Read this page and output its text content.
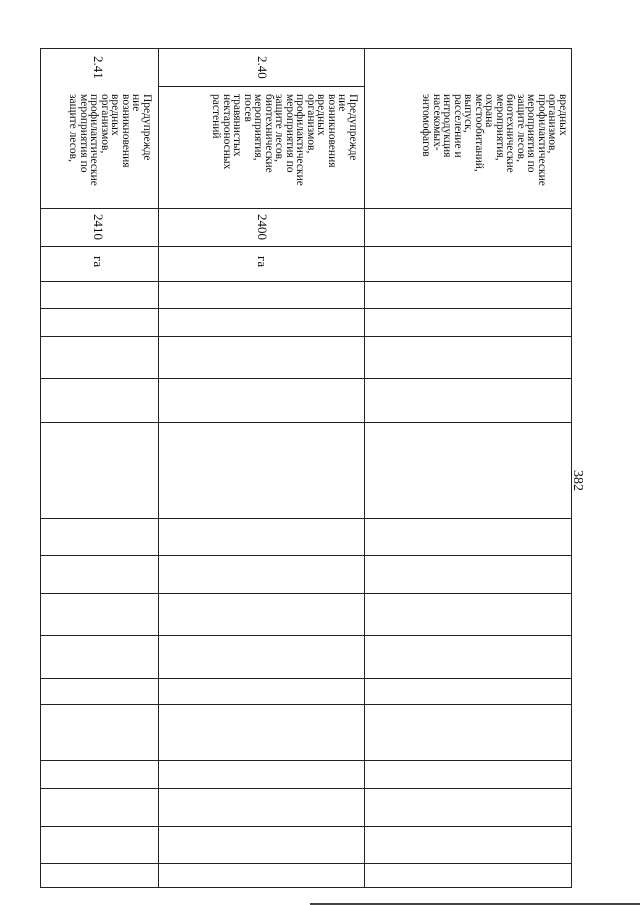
382
вредных
организмов,
профилактические
мероприятия по
защите лесов,
биотехнические
мероприятия,
охрана
местообитаний,
выпуск,
расселение и
интродукция
насекомых-
энтомофагов
2.40
Предупрежде
ние
возникновения
вредных
организмов,
профилактические
мероприятия по
защите лесов,
биотехнические
мероприятия,
посев
травянистых
нектароносных
растений
2400
га
2.41
Предупрежде
ние
возникновения
вредных
организмов,
профилактические
мероприятия по
защите лесов,
2410
га
